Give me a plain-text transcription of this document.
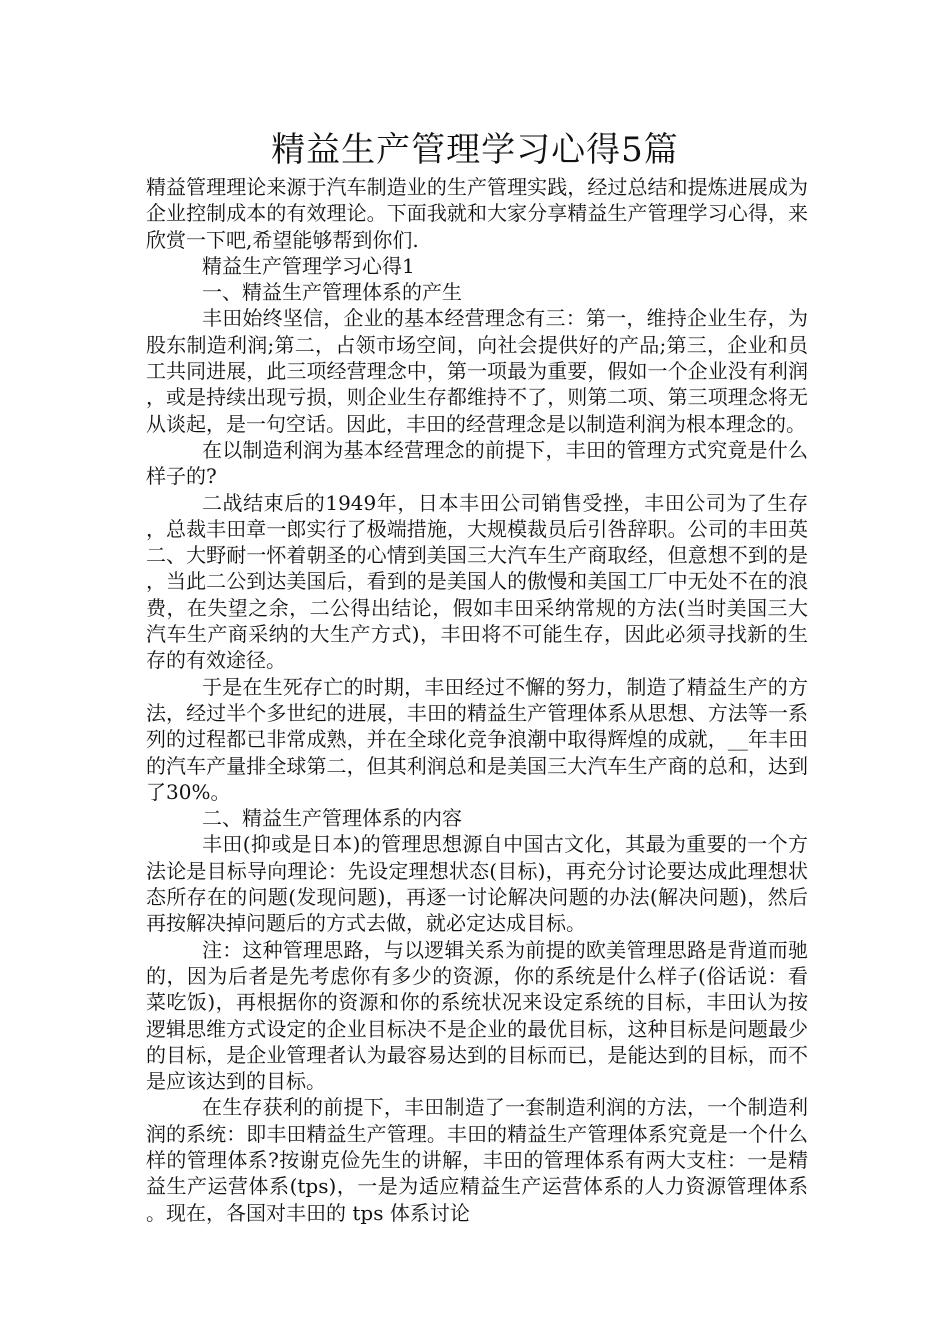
精益生产管理学习心得5篇

精益管理理论来源于汽车制造业的生产管理实践，经过总结和提炼进展成为企业控制成本的有效理论。下面我就和大家分享精益生产管理学习心得，来欣赏一下吧,希望能够帮到你们.

精益生产管理学习心得1

一、精益生产管理体系的产生

丰田始终坚信，企业的基本经营理念有三：第一，维持企业生存，为股东制造利润;第二，占领市场空间，向社会提供好的产品;第三，企业和员工共同进展，此三项经营理念中，第一项最为重要，假如一个企业没有利润，或是持续出现亏损，则企业生存都维持不了，则第二项、第三项理念将无从谈起，是一句空话。因此，丰田的经营理念是以制造利润为根本理念的。

在以制造利润为基本经营理念的前提下，丰田的管理方式究竟是什么样子的?

二战结束后的1949年，日本丰田公司销售受挫，丰田公司为了生存，总裁丰田章一郎实行了极端措施，大规模裁员后引咎辞职。公司的丰田英二、大野耐一怀着朝圣的心情到美国三大汽车生产商取经，但意想不到的是，当此二公到达美国后，看到的是美国人的傲慢和美国工厂中无处不在的浪费，在失望之余，二公得出结论，假如丰田采纳常规的方法(当时美国三大汽车生产商采纳的大生产方式)，丰田将不可能生存，因此必须寻找新的生存的有效途径。

于是在生死存亡的时期，丰田经过不懈的努力，制造了精益生产的方法，经过半个多世纪的进展，丰田的精益生产管理体系从思想、方法等一系列的过程都已非常成熟，并在全球化竞争浪潮中取得辉煌的成就，__年丰田的汽车产量排全球第二，但其利润总和是美国三大汽车生产商的总和，达到了30%。

二、精益生产管理体系的内容

丰田(抑或是日本)的管理思想源自中国古文化，其最为重要的一个方法论是目标导向理论：先设定理想状态(目标)，再充分讨论要达成此理想状态所存在的问题(发现问题)，再逐一讨论解决问题的办法(解决问题)，然后再按解决掉问题后的方式去做，就必定达成目标。

注：这种管理思路，与以逻辑关系为前提的欧美管理思路是背道而驰的，因为后者是先考虑你有多少的资源，你的系统是什么样子(俗话说：看菜吃饭)，再根据你的资源和你的系统状况来设定系统的目标，丰田认为按逻辑思维方式设定的企业目标决不是企业的最优目标，这种目标是问题最少的目标，是企业管理者认为最容易达到的目标而已，是能达到的目标，而不是应该达到的目标。

在生存获利的前提下，丰田制造了一套制造利润的方法，一个制造利润的系统：即丰田精益生产管理。丰田的精益生产管理体系究竟是一个什么样的管理体系?按谢克俭先生的讲解，丰田的管理体系有两大支柱：一是精益生产运营体系(tps)，一是为适应精益生产运营体系的人力资源管理体系。现在，各国对丰田的 tps 体系讨论
